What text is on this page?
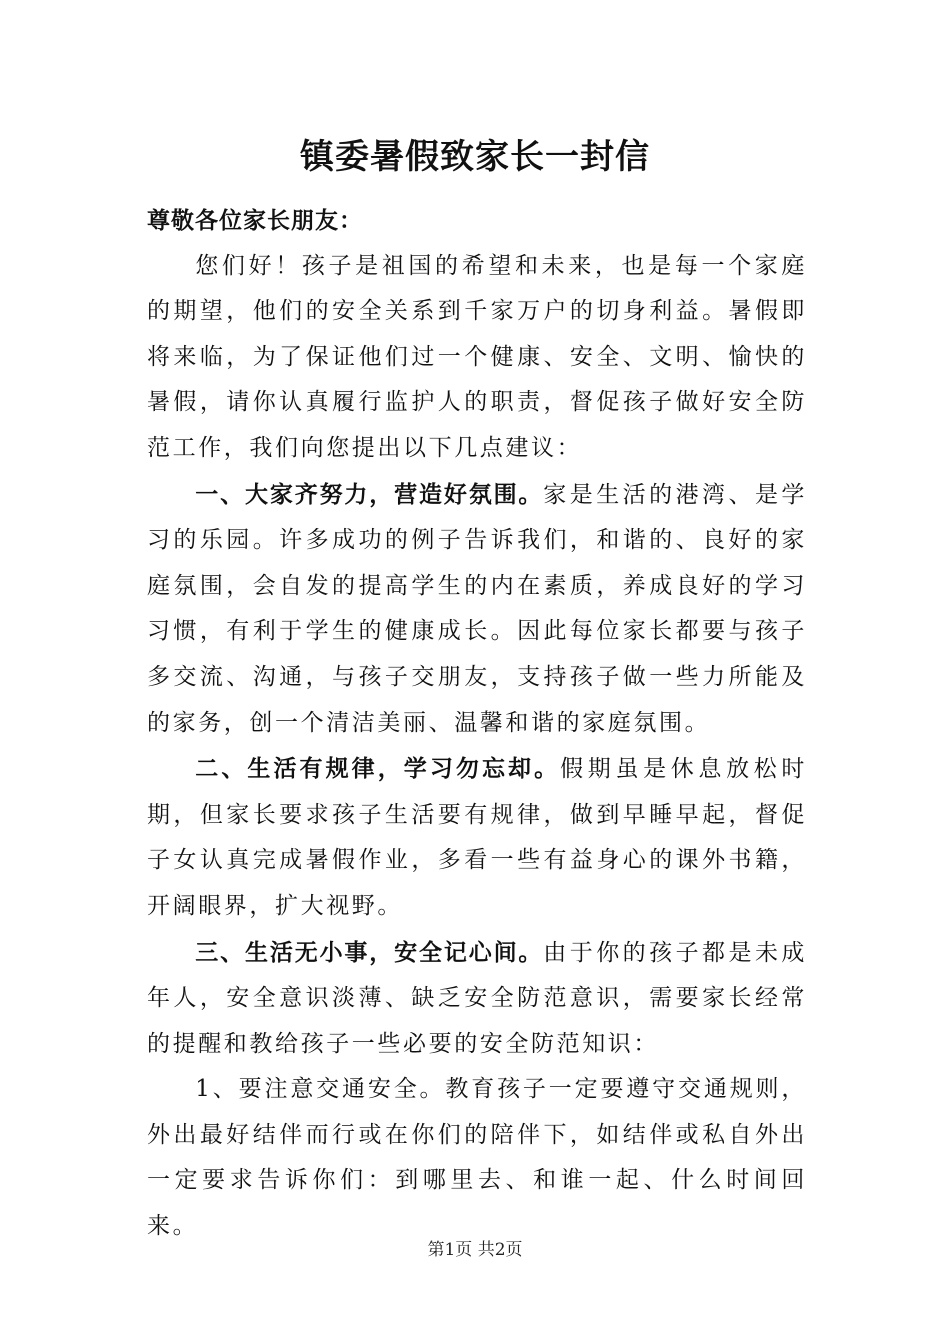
镇委暑假致家长一封信

尊敬各位家长朋友：

您们好！孩子是祖国的希望和未来，也是每一个家庭的期望，他们的安全关系到千家万户的切身利益。暑假即将来临，为了保证他们过一个健康、安全、文明、愉快的暑假，请你认真履行监护人的职责，督促孩子做好安全防范工作，我们向您提出以下几点建议：

一、大家齐努力，营造好氛围。家是生活的港湾、是学习的乐园。许多成功的例子告诉我们，和谐的、良好的家庭氛围，会自发的提高学生的内在素质，养成良好的学习习惯，有利于学生的健康成长。因此每位家长都要与孩子多交流、沟通，与孩子交朋友，支持孩子做一些力所能及的家务，创一个清洁美丽、温馨和谐的家庭氛围。

二、生活有规律，学习勿忘却。假期虽是休息放松时期，但家长要求孩子生活要有规律，做到早睡早起，督促子女认真完成暑假作业，多看一些有益身心的课外书籍，开阔眼界，扩大视野。

三、生活无小事，安全记心间。由于你的孩子都是未成年人，安全意识淡薄、缺乏安全防范意识，需要家长经常的提醒和教给孩子一些必要的安全防范知识：

1、要注意交通安全。教育孩子一定要遵守交通规则，外出最好结伴而行或在你们的陪伴下，如结伴或私自外出一定要求告诉你们：到哪里去、和谁一起、什么时间回来。

第1页 共2页
